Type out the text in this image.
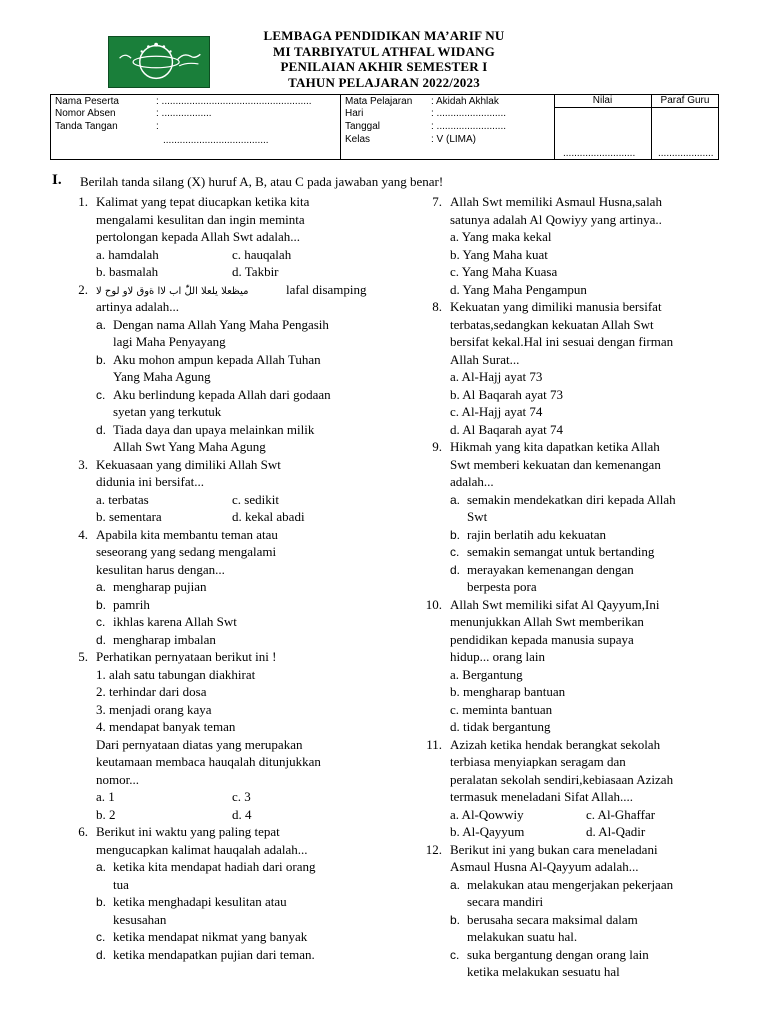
LEMBAGA PENDIDIKAN MA’ARIF NU
MI TARBIYATUL ATHFAL WIDANG
PENILAIAN AKHIR SEMESTER I
TAHUN PELAJARAN 2022/2023
Nama Peserta	: ......................................................
Nomor Absen	: ..................
Tanda Tangan	:
......................................
Mata Pelajaran : Akidah Akhlak
Hari	: .........................
Tanggal	: .........................
Kelas	: V (LIMA)
Nilai	Paraf Guru
.......................... ....................
I. Berilah tanda silang (X) huruf A, B, atau C pada jawaban yang benar!
1. Kalimat yang tepat diucapkan ketika kita
mengalami kesulitan dan ingin meminta
pertolongan kepada Allah Swt adalah...
a. hamdalah	c. hauqalah
b. basmalah	d. Takbir
2. ميظعلا يلعلا اللّٰ اب لاا ةوق لاو لوح لا	lafal disamping
artinya adalah...
a. Dengan nama Allah Yang Maha Pengasih
lagi Maha Penyayang
b. Aku mohon ampun kepada Allah Tuhan
Yang Maha Agung
c. Aku berlindung kepada Allah dari godaan
syetan yang terkutuk
d. Tiada daya dan upaya melainkan milik
Allah Swt Yang Maha Agung
3. Kekuasaan yang dimiliki Allah Swt
didunia ini bersifat...
a. terbatas	c. sedikit
b. sementara	d. kekal abadi
4. Apabila kita membantu teman atau
seseorang yang sedang mengalami
kesulitan harus dengan...
a. mengharap pujian
b. pamrih
c. ikhlas karena Allah Swt
d. mengharap imbalan
5. Perhatikan pernyataan berikut ini !
1. alah satu tabungan diakhirat
2. terhindar dari dosa
3. menjadi orang kaya
4. mendapat banyak teman
Dari pernyataan diatas yang merupakan
keutamaan membaca hauqalah ditunjukkan
nomor...
a. 1	c. 3
b. 2	d. 4
6. Berikut ini waktu yang paling tepat
mengucapkan kalimat hauqalah adalah...
a. ketika kita mendapat hadiah dari orang
tua
b. ketika menghadapi kesulitan atau
kesusahan
c. ketika mendapat nikmat yang banyak
d. ketika mendapatkan pujian dari teman.
7. Allah Swt memiliki Asmaul Husna,salah
satunya adalah Al Qowiyy yang artinya..
a. Yang maka kekal
b. Yang Maha kuat
c. Yang Maha Kuasa
d. Yang Maha Pengampun
8. Kekuatan yang dimiliki manusia bersifat
terbatas,sedangkan kekuatan Allah Swt
bersifat kekal.Hal ini sesuai dengan firman
Allah Surat...
a. Al-Hajj ayat 73
b. Al Baqarah ayat 73
c. Al-Hajj ayat 74
d. Al Baqarah ayat 74
9. Hikmah yang kita dapatkan ketika Allah
Swt memberi kekuatan dan kemenangan
adalah...
a. semakin mendekatkan diri kepada Allah
Swt
b. rajin berlatih adu kekuatan
c. semakin semangat untuk bertanding
d. merayakan kemenangan dengan
berpesta pora
10. Allah Swt memiliki sifat Al Qayyum,Ini
menunjukkan Allah Swt memberikan
pendidikan kepada manusia supaya
hidup... orang lain
a. Bergantung
b. mengharap bantuan
c. meminta bantuan
d. tidak bergantung
11. Azizah ketika hendak berangkat sekolah
terbiasa menyiapkan seragam dan
peralatan sekolah sendiri,kebiasaan Azizah
termasuk meneladani Sifat Allah....
a. Al-Qowwiy	c. Al-Ghaffar
b. Al-Qayyum	d. Al-Qadir
12. Berikut ini yang bukan cara meneladani
Asmaul Husna Al-Qayyum adalah...
a. melakukan atau mengerjakan pekerjaan
secara mandiri
b. berusaha secara maksimal dalam
melakukan suatu hal.
c. suka bergantung dengan orang lain
ketika melakukan sesuatu hal
